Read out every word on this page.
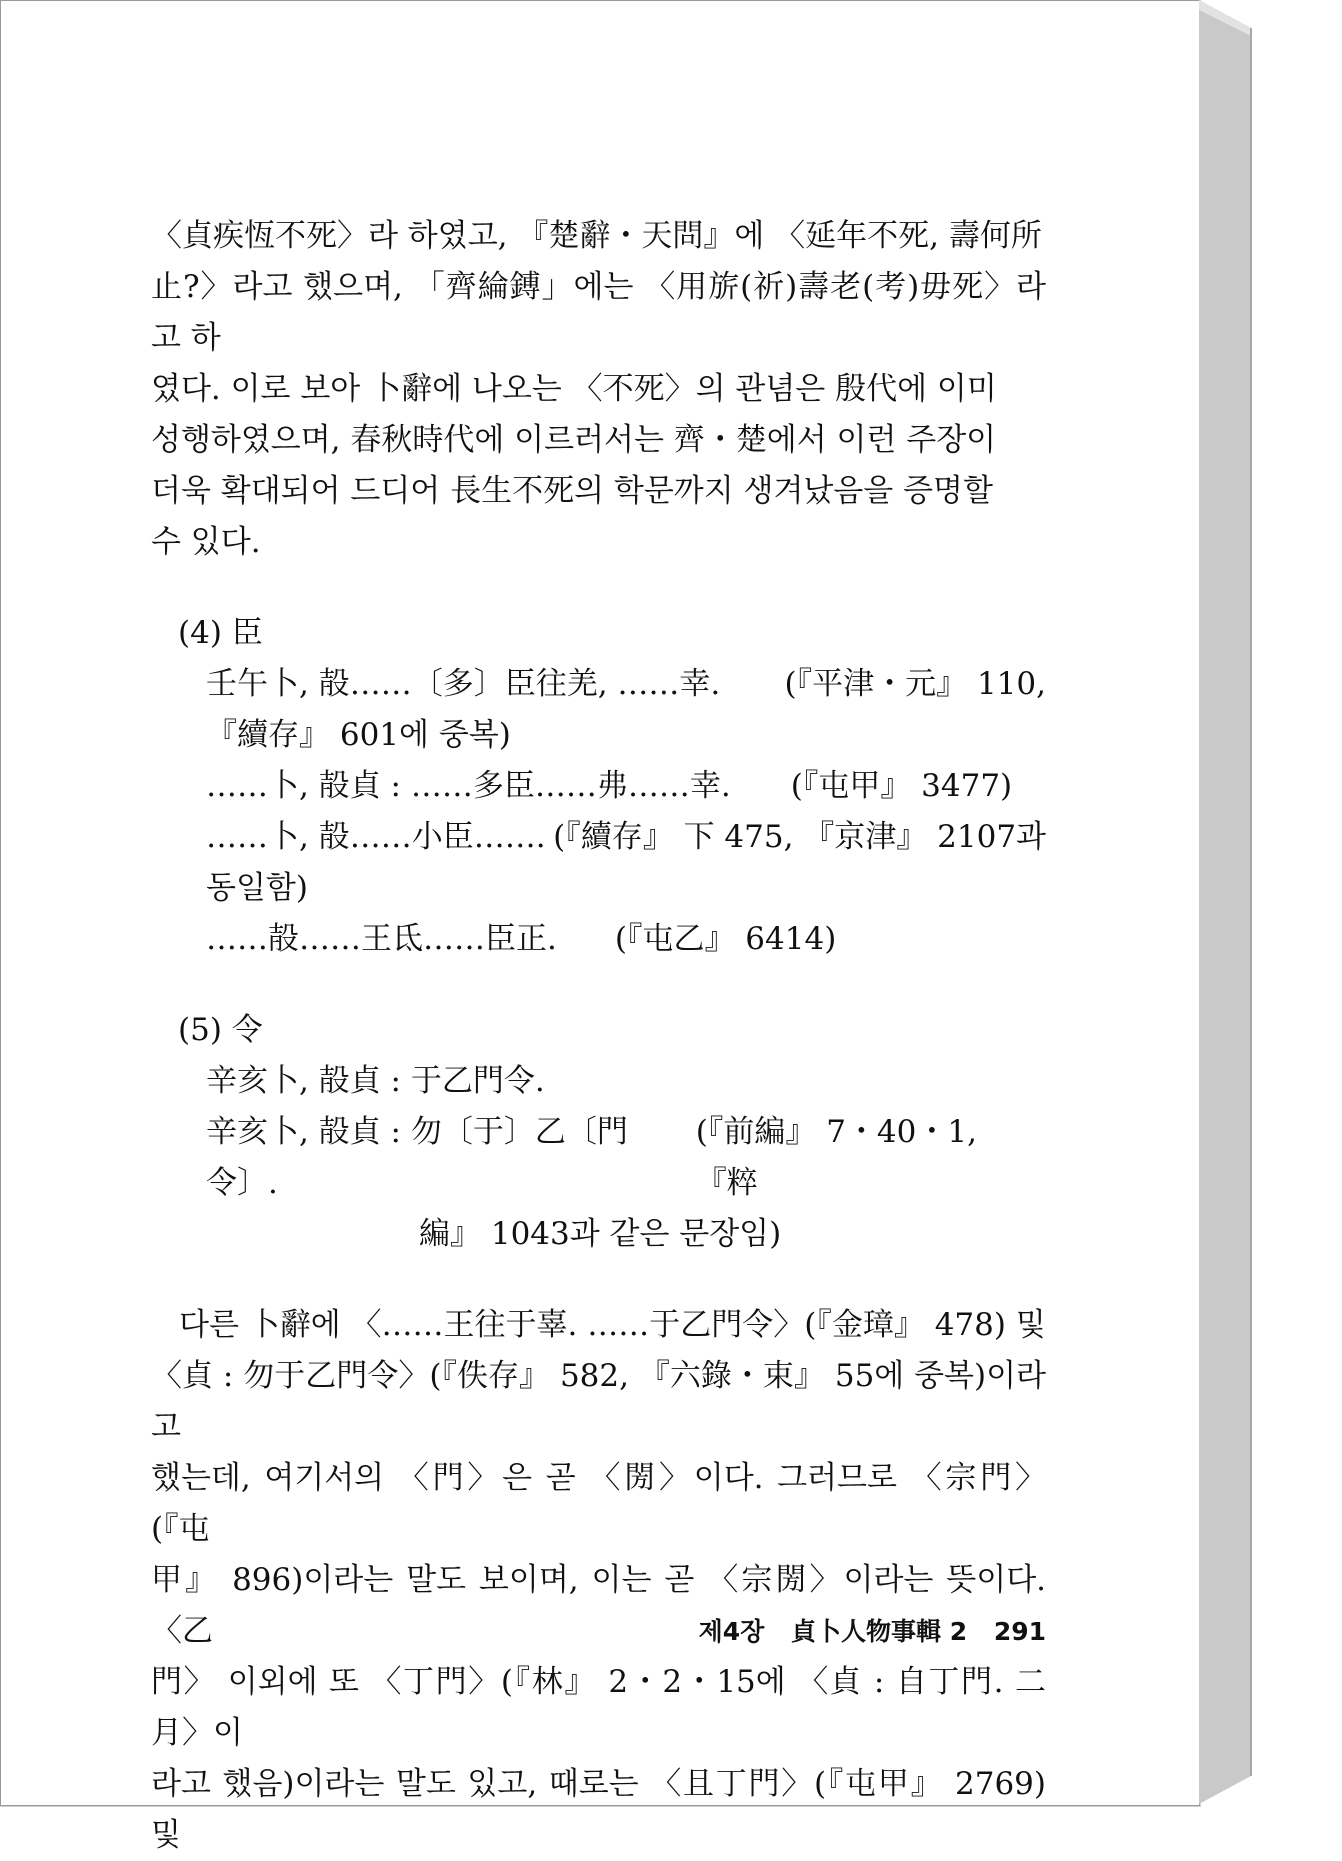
〈貞疾恆不死〉라 하였고, 『楚辭・天問』에 〈延年不死, 壽何所
止?〉라고 했으며, 「齊綸鎛」에는 〈用旂(祈)壽老(考)毋死〉라고 하
였다. 이로 보아 卜辭에 나오는 〈不死〉의 관념은 殷代에 이미
성행하였으며, 春秋時代에 이르러서는 齊・楚에서 이런 주장이
더욱 확대되어 드디어 長生不死의 학문까지 생겨났음을 증명할
수 있다.
(4) 臣
壬午卜, 㱿……〔多〕臣往羌, ……幸. (『平津・元』 110,
『續存』 601에 중복)
……卜, 㱿貞 : ……多臣……弗……幸. (『屯甲』 3477)
……卜, 㱿……小臣……. (『續存』 下 475, 『京津』 2107과
동일함)
……㱿……王氐……臣正. (『屯乙』 6414)
(5) 令
辛亥卜, 㱿貞 : 于乙門令.
辛亥卜, 㱿貞 : 勿〔于〕乙〔門令〕.
(『前編』 7・40・1, 『粹
編』 1043과 같은 문장임)
다른 卜辭에 〈……王往于辜. ……于乙門令〉(『金璋』 478) 및
〈貞 : 勿于乙門令〉(『佚存』 582, 『六錄・束』 55에 중복)이라고
했는데, 여기서의 〈門〉은 곧 〈閍〉이다. 그러므로 〈宗門〉(『屯
甲』 896)이라는 말도 보이며, 이는 곧 〈宗閍〉이라는 뜻이다. 〈乙
門〉 이외에 또 〈丁門〉(『林』 2・2・15에 〈貞 : 自丁門. 二月〉이
라고 했음)이라는 말도 있고, 때로는 〈且丁門〉(『屯甲』 2769) 및
제4장 貞卜人物事輯 2 291
